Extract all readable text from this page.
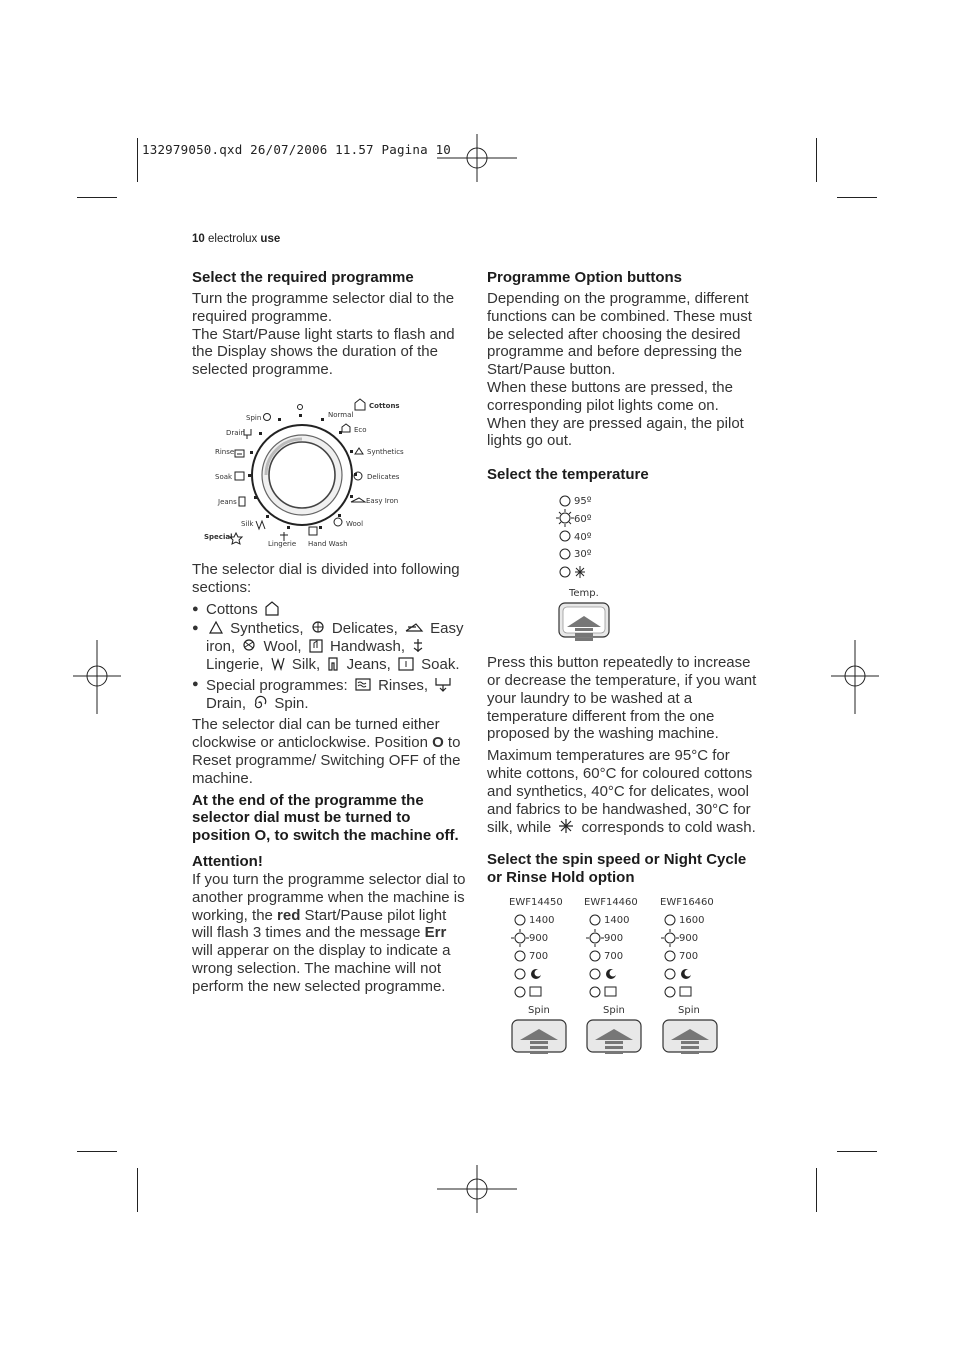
132979050.qxd 26/07/2006 11.57 Pagina 10
10 electrolux use

Select the required programme

Turn the programme selector dial to the required programme.

The Start/Pause light starts to flash and the Display shows the duration of the selected programme.

Normal
Cottons
Eco
Synthetics
Delicates
Easy Iron
Wool
Hand Wash
Lingerie
Silk
Special
Jeans
Soak
Rinse
Drain
Spin

The selector dial is divided into following sections:

● Cottons
● Synthetics, Delicates, Easy iron, Wool, Handwash,  Lingerie, Silk, Jeans, Soak.
● Special programmes: Rinses,  Drain, Spin.

The selector dial can be turned either clockwise or anticlockwise. Position O to Reset programme/ Switching OFF of the machine.

At the end of the programme the selector dial must be turned to position O, to switch the machine off.

Attention!

If you turn the programme selector dial to another programme when the machine is working, the red Start/Pause pilot light will flash 3 times and the message Err will apperar on the display to indicate a wrong selection. The machine will not perform the new selected programme.

Programme Option buttons

Depending on the programme, different functions can be combined. These must be selected after choosing the desired programme and before depressing the Start/Pause button.

When these buttons are pressed, the corresponding pilot lights come on. When they are pressed again, the pilot lights go out.

Select the temperature

95º
60º
40º
30º
Temp.

Press this button repeatedly to increase or decrease the temperature, if you want your laundry to be washed at a temperature different from the one proposed by the washing machine.

Maximum temperatures are 95°C for white cottons, 60°C for coloured cottons and synthetics, 40°C for delicates, wool and fabrics to be handwashed, 30°C for silk, while corresponds to cold wash.

Select the spin speed or Night Cycle or Rinse Hold option

EWF14450 EWF14460 EWF16460
1400
900
700
1400
900
700
1600
900
700
Spin	Spin	Spin
